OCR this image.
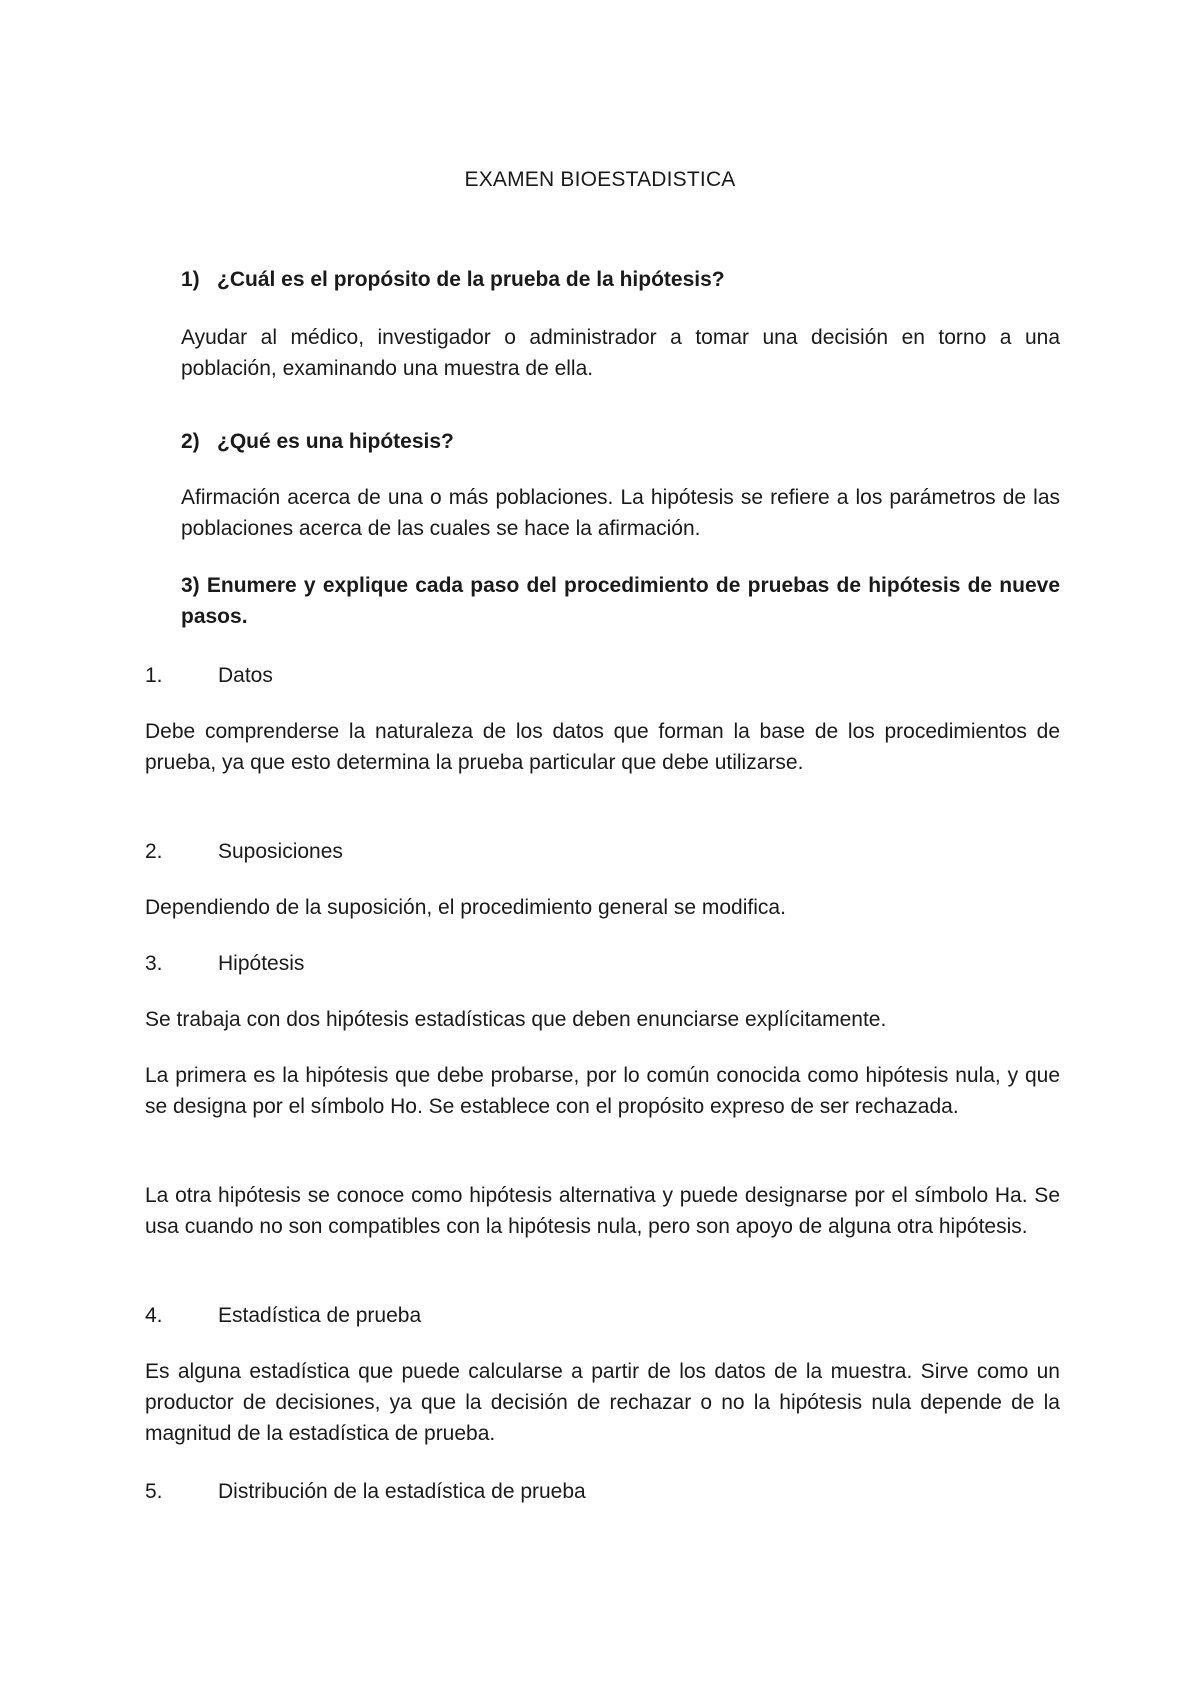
EXAMEN BIOESTADISTICA
1) ¿Cuál es el propósito de la prueba de la hipótesis?
Ayudar al médico, investigador o administrador a tomar una decisión en torno a una población, examinando una muestra de ella.
2) ¿Qué es una hipótesis?
Afirmación acerca de una o más poblaciones. La hipótesis se refiere a los parámetros de las poblaciones acerca de las cuales se hace la afirmación.
3) Enumere y explique cada paso del procedimiento de pruebas de hipótesis de nueve pasos.
1.	Datos
Debe comprenderse la naturaleza de los datos que forman la base de los procedimientos de prueba, ya que esto determina la prueba particular que debe utilizarse.
2.	Suposiciones
Dependiendo de la suposición, el procedimiento general se modifica.
3.	Hipótesis
Se trabaja con dos hipótesis estadísticas que deben enunciarse explícitamente.
La primera es la hipótesis que debe probarse, por lo común conocida como hipótesis nula, y que se designa por el símbolo Ho. Se establece con el propósito expreso de ser rechazada.
La otra hipótesis se conoce como hipótesis alternativa y puede designarse por el símbolo Ha. Se usa cuando no son compatibles con la hipótesis nula, pero son apoyo de alguna otra hipótesis.
4.	Estadística de prueba
Es alguna estadística que puede calcularse a partir de los datos de la muestra. Sirve como un productor de decisiones, ya que la decisión de rechazar o no la hipótesis nula depende de la magnitud de la estadística de prueba.
5.	Distribución de la estadística de prueba
